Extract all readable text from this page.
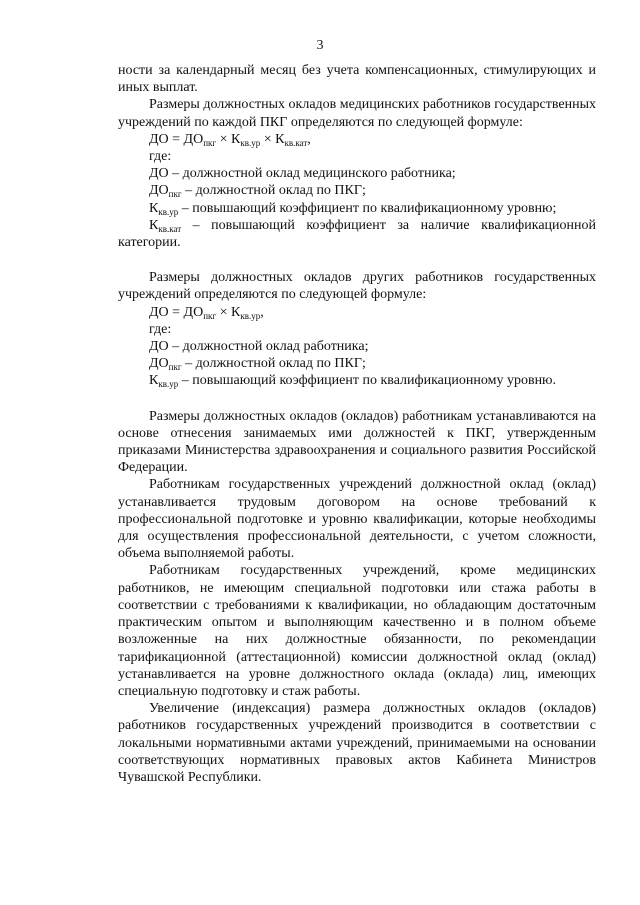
3

ности за календарный месяц без учета компенсационных, стимулирующих и иных выплат.

Размеры должностных окладов медицинских работников государственных учреждений по каждой ПКГ определяются по следующей формуле:

ДО = $ДО_{пкг} \times К_{кв.ур} \times К_{кв.кат}$,

где:

ДО – должностной оклад медицинского работника;

$ДО_{пкг}$ – должностной оклад по ПКГ;

$К_{кв.ур}$ – повышающий коэффициент по квалификационному уровню;

$К_{кв.кат}$ – повышающий коэффициент за наличие квалификационной категории.

Размеры должностных окладов других работников государственных учреждений определяются по следующей формуле:

ДО = $ДО_{пкг} \times К_{кв.ур}$,

где:

ДО – должностной оклад работника;

$ДО_{пкг}$ – должностной оклад по ПКГ;

$К_{кв.ур}$ – повышающий коэффициент по квалификационному уровню.

Размеры должностных окладов (окладов) работникам устанавливаются на основе отнесения занимаемых ими должностей к ПКГ, утвержденным приказами Министерства здравоохранения и социального развития Российской Федерации.

Работникам государственных учреждений должностной оклад (оклад) устанавливается трудовым договором на основе требований к профессиональной подготовке и уровню квалификации, которые необходимы для осуществления профессиональной деятельности, с учетом сложности, объема выполняемой работы.

Работникам государственных учреждений, кроме медицинских работников, не имеющим специальной подготовки или стажа работы в соответствии с требованиями к квалификации, но обладающим достаточным практическим опытом и выполняющим качественно и в полном объеме возложенные на них должностные обязанности, по рекомендации тарификационной (аттестационной) комиссии должностной оклад (оклад) устанавливается на уровне должностного оклада (оклада) лиц, имеющих специальную подготовку и стаж работы.

Увеличение (индексация) размера должностных окладов (окладов) работников государственных учреждений производится в соответствии с локальными нормативными актами учреждений, принимаемыми на основании соответствующих нормативных правовых актов Кабинета Министров Чувашской Республики.
